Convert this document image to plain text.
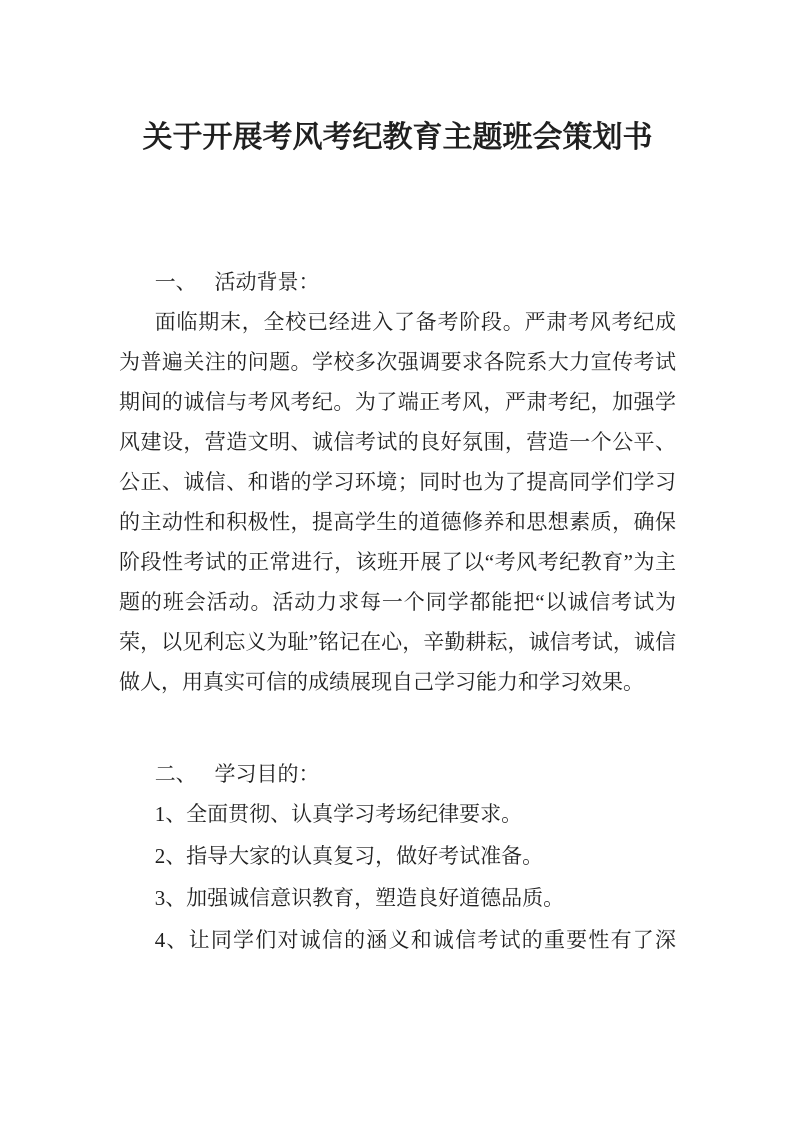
关于开展考风考纪教育主题班会策划书

一、 活动背景：

面临期末，全校已经进入了备考阶段。严肃考风考纪成为普遍关注的问题。学校多次强调要求各院系大力宣传考试期间的诚信与考风考纪。为了端正考风，严肃考纪，加强学风建设，营造文明、诚信考试的良好氛围，营造一个公平、公正、诚信、和谐的学习环境；同时也为了提高同学们学习的主动性和积极性，提高学生的道德修养和思想素质，确保阶段性考试的正常进行，该班开展了以“考风考纪教育”为主题的班会活动。活动力求每一个同学都能把“以诚信考试为荣，以见利忘义为耻”铭记在心，辛勤耕耘，诚信考试，诚信做人，用真实可信的成绩展现自己学习能力和学习效果。

二、 学习目的：

1、全面贯彻、认真学习考场纪律要求。

2、指导大家的认真复习，做好考试准备。

3、加强诚信意识教育，塑造良好道德品质。

4、让同学们对诚信的涵义和诚信考试的重要性有了深
